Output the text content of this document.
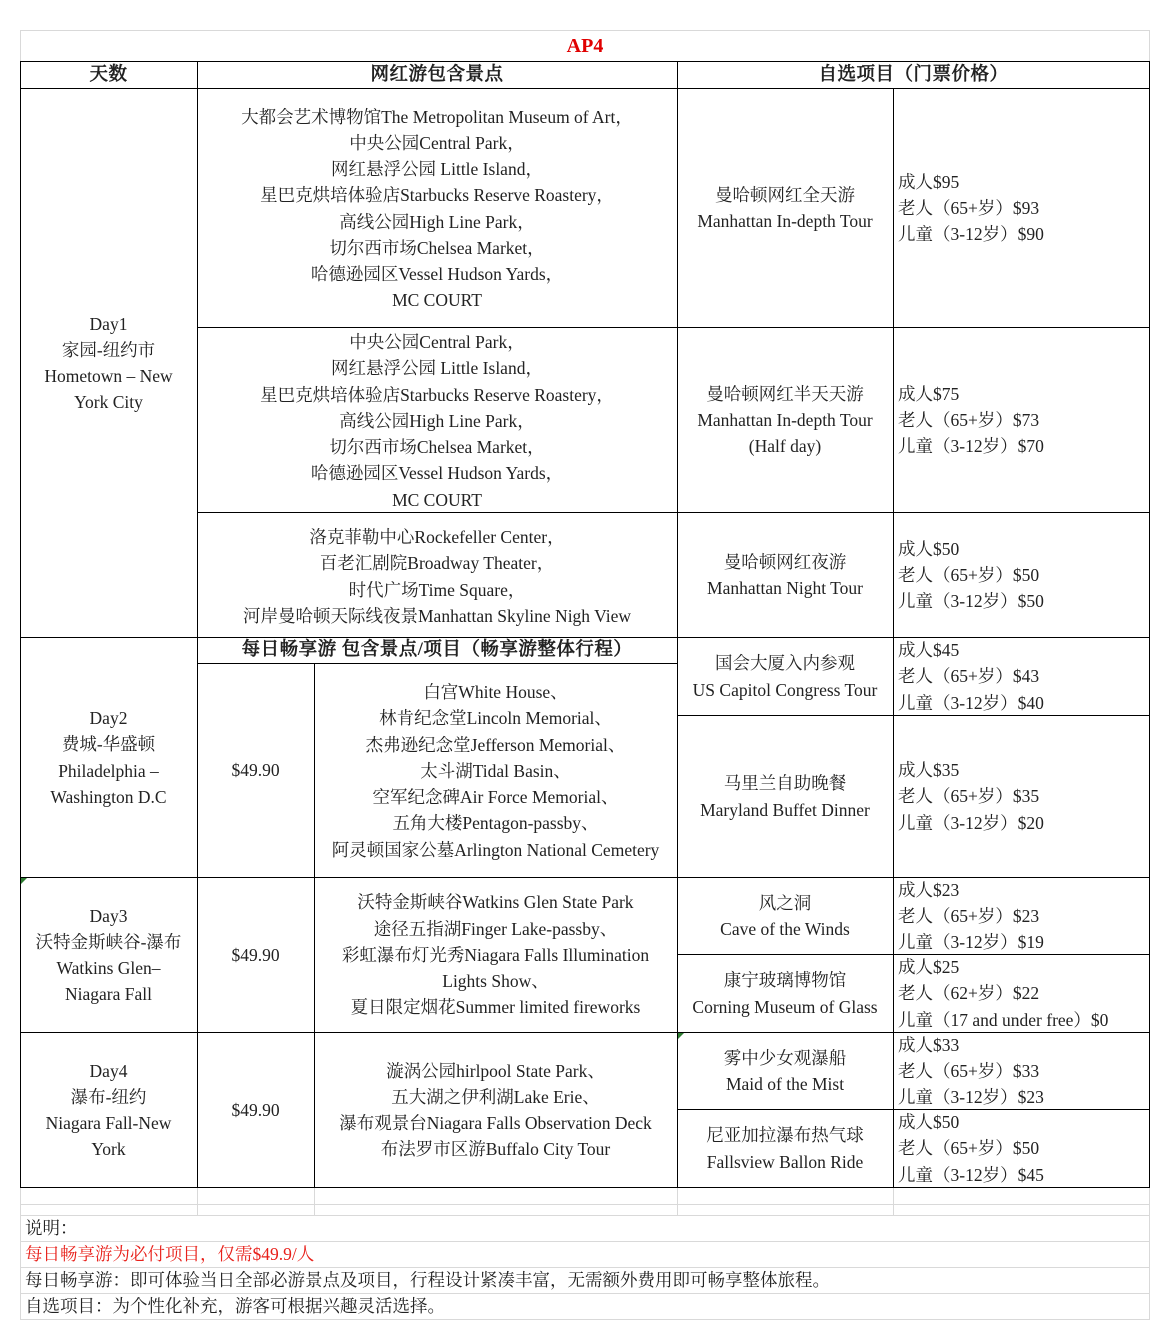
AP4
天数	网红游包含景点	自选项目（门票价格）
Day1
家园-纽约市
Hometown – New
York City
大都会艺术博物馆The Metropolitan Museum of Art，
中央公园Central Park，
网红悬浮公园 Little Island，
星巴克烘培体验店Starbucks Reserve Roastery，
高线公园High Line Park，
切尔西市场Chelsea Market，
哈德逊园区Vessel Hudson Yards，
MC COURT
曼哈顿网红全天游
Manhattan In-depth Tour
成人$95
老人（65+岁）$93
儿童（3-12岁）$90
中央公园Central Park，
网红悬浮公园 Little Island，
星巴克烘培体验店Starbucks Reserve Roastery，
高线公园High Line Park，
切尔西市场Chelsea Market，
哈德逊园区Vessel Hudson Yards，
MC COURT
曼哈顿网红半天天游
Manhattan In-depth Tour
(Half day)
成人$75
老人（65+岁）$73
儿童（3-12岁）$70
洛克菲勒中心Rockefeller Center，
百老汇剧院Broadway Theater，
时代广场Time Square，
河岸曼哈顿天际线夜景Manhattan Skyline Nigh View
曼哈顿网红夜游
Manhattan Night Tour
成人$50
老人（65+岁）$50
儿童（3-12岁）$50
每日畅享游 包含景点/项目（畅享游整体行程）
Day2
费城-华盛顿
Philadelphia –
Washington D.C
$49.90
白宫White House、
林肯纪念堂Lincoln Memorial、
杰弗逊纪念堂Jefferson Memorial、
太斗湖Tidal Basin、
空军纪念碑Air Force Memorial、
五角大楼Pentagon-passby、
阿灵顿国家公墓Arlington National Cemetery
国会大厦入内参观
US Capitol Congress Tour
成人$45
老人（65+岁）$43
儿童（3-12岁）$40
马里兰自助晚餐
Maryland Buffet Dinner
成人$35
老人（65+岁）$35
儿童（3-12岁）$20
Day3
沃特金斯峡谷-瀑布
Watkins Glen–
Niagara Fall
$49.90
沃特金斯峡谷Watkins Glen State Park
途径五指湖Finger Lake-passby、
彩虹瀑布灯光秀Niagara Falls Illumination
Lights Show、
夏日限定烟花Summer limited fireworks
风之洞
Cave of the Winds
成人$23
老人（65+岁）$23
儿童（3-12岁）$19
康宁玻璃博物馆
Corning Museum of Glass
成人$25
老人（62+岁）$22
儿童（17 and under free）$0
Day4
瀑布-纽约
Niagara Fall-New
York
$49.90
漩涡公园hirlpool State Park、
五大湖之伊利湖Lake Erie、
瀑布观景台Niagara Falls Observation Deck
布法罗市区游Buffalo City Tour
雾中少女观瀑船
Maid of the Mist
成人$33
老人（65+岁）$33
儿童（3-12岁）$23
尼亚加拉瀑布热气球
Fallsview Ballon Ride
成人$50
老人（65+岁）$50
儿童（3-12岁）$45
说明：
每日畅享游为必付项目，仅需$49.9/人
每日畅享游：即可体验当日全部必游景点及项目，行程设计紧凑丰富，无需额外费用即可畅享整体旅程。
自选项目：为个性化补充，游客可根据兴趣灵活选择。
